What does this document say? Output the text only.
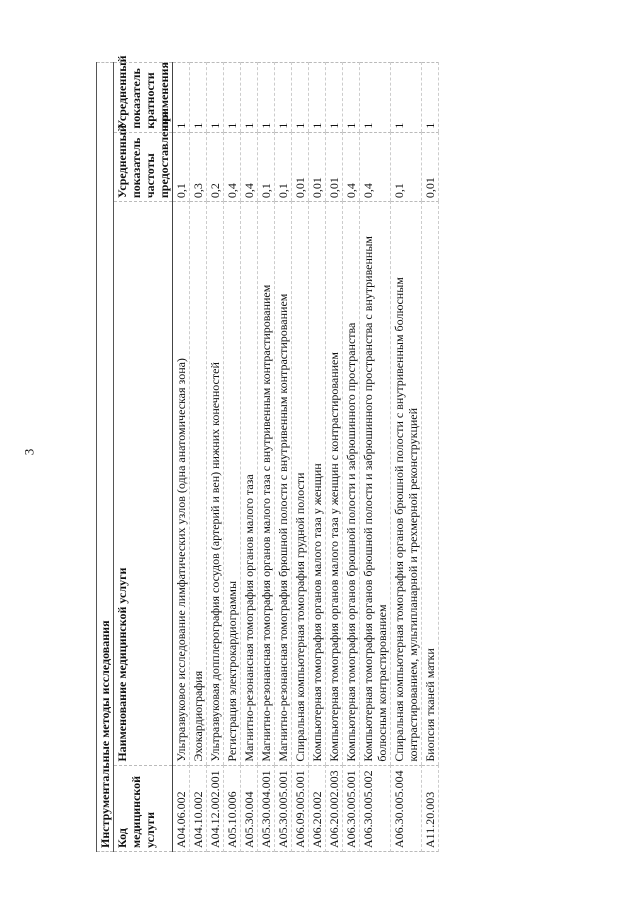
3
Инструментальные методы исследования			
Код медицинской услуги	Наименование медицинской услуги	Усредненный показатель частоты предоставления	Усредненный показатель кратности применения
A04.06.002	Ультразвуковое исследование лимфатических узлов (одна анатомическая зона)	0,1	1
A04.10.002	Эхокардиография	0,3	1
A04.12.002.001	Ультразвуковая допплерография сосудов (артерий и вен) нижних конечностей	0,2	1
A05.10.006	Регистрация электрокардиограммы	0,4	1
A05.30.004	Магнитно-резонансная томография органов малого таза	0,4	1
A05.30.004.001	Магнитно-резонансная томография органов малого таза с внутривенным контрастированием	0,1	1
A05.30.005.001	Магнитно-резонансная томография брюшной полости с внутривенным контрастированием	0,1	1
A06.09.005.001	Спиральная компьютерная томография грудной полости	0,01	1
A06.20.002	Компьютерная томография органов малого таза у женщин	0,01	1
A06.20.002.003	Компьютерная томография органов малого таза у женщин с контрастированием	0,01	1
A06.30.005.001	Компьютерная томография органов брюшной полости и забрюшинного пространства	0,4	1
A06.30.005.002	Компьютерная томография органов брюшной полости и забрюшинного пространства с внутривенным болюсным контрастированием	0,4	1
A06.30.005.004	Спиральная компьютерная томография органов брюшной полости с внутривенным болюсным контрастированием, мультипланарной и трехмерной реконструкцией	0,1	1
A11.20.003	Биопсия тканей матки	0,01	1
